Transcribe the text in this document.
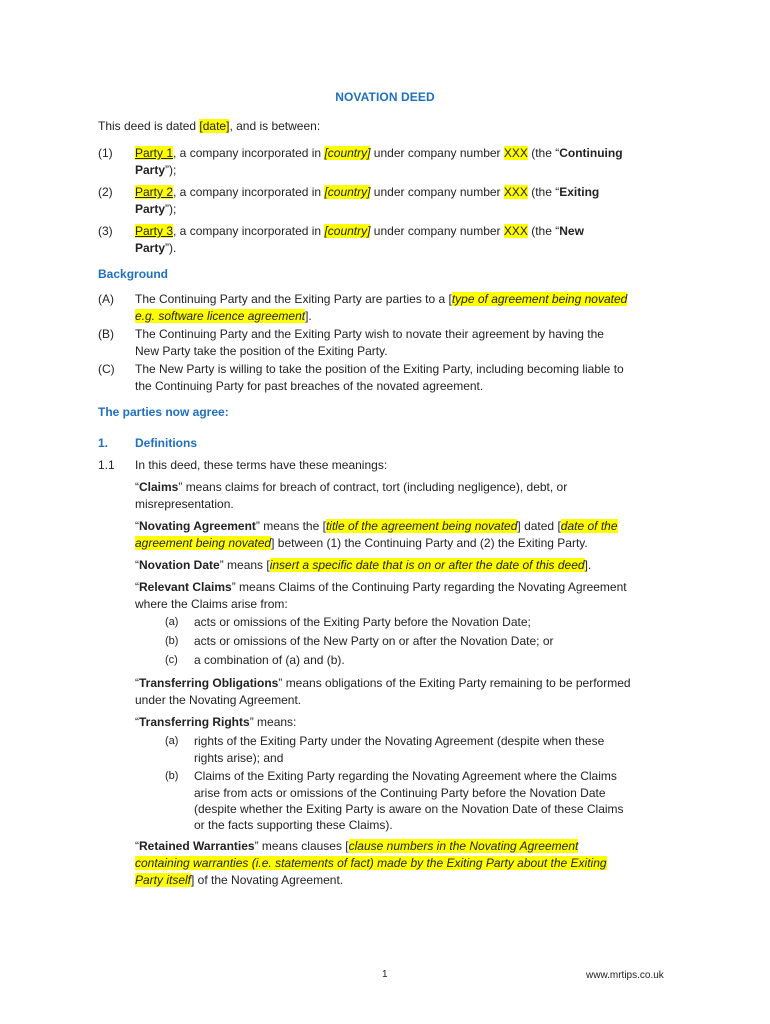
NOVATION DEED
This deed is dated [date], and is between:
(1) Party 1, a company incorporated in [country] under company number XXX (the “Continuing
Party”);
(2) Party 2, a company incorporated in [country] under company number XXX (the “Exiting
Party”);
(3) Party 3, a company incorporated in [country] under company number XXX (the “New
Party”).
Background
(A) The Continuing Party and the Exiting Party are parties to a [type of agreement being novated
e.g. software licence agreement].
(B) The Continuing Party and the Exiting Party wish to novate their agreement by having the
New Party take the position of the Exiting Party.
(C) The New Party is willing to take the position of the Exiting Party, including becoming liable to
the Continuing Party for past breaches of the novated agreement.
The parties now agree:
1. Definitions
1.1 In this deed, these terms have these meanings:
“Claims” means claims for breach of contract, tort (including negligence), debt, or
misrepresentation.
“Novating Agreement” means the [title of the agreement being novated] dated [date of the
agreement being novated] between (1) the Continuing Party and (2) the Exiting Party.
“Novation Date” means [insert a specific date that is on or after the date of this deed].
“Relevant Claims” means Claims of the Continuing Party regarding the Novating Agreement
where the Claims arise from:
(a) acts or omissions of the Exiting Party before the Novation Date;
(b) acts or omissions of the New Party on or after the Novation Date; or
(c) a combination of (a) and (b).
“Transferring Obligations” means obligations of the Exiting Party remaining to be performed
under the Novating Agreement.
“Transferring Rights” means:
(a) rights of the Exiting Party under the Novating Agreement (despite when these
rights arise); and
(b) Claims of the Exiting Party regarding the Novating Agreement where the Claims
arise from acts or omissions of the Continuing Party before the Novation Date
(despite whether the Exiting Party is aware on the Novation Date of these Claims
or the facts supporting these Claims).
“Retained Warranties” means clauses [clause numbers in the Novating Agreement
containing warranties (i.e. statements of fact) made by the Exiting Party about the Exiting
Party itself] of the Novating Agreement.
1	www.mrtips.co.uk
